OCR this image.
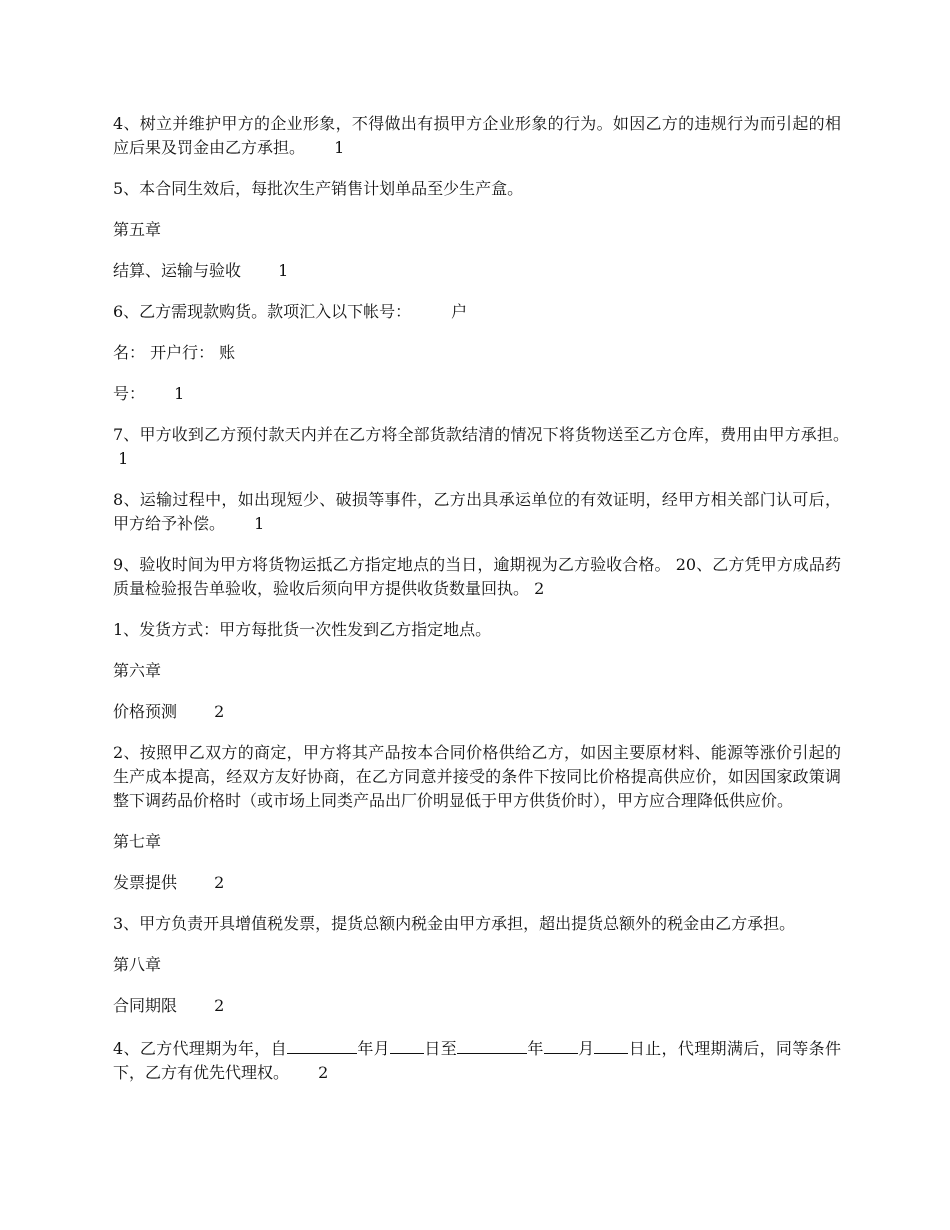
4、树立并维护甲方的企业形象，不得做出有损甲方企业形象的行为。如因乙方的违规行为而引起的相应后果及罚金由乙方承担。　　 1

5、本合同生效后，每批次生产销售计划单品至少生产盒。

第五章

结算、运输与验收　　 1

6、乙方需现款购货。款项汇入以下帐号：　　　户

名： 开户行： 账

号：　　 1

7、甲方收到乙方预付款天内并在乙方将全部货款结清的情况下将货物送至乙方仓库，费用由甲方承担。　　 1

8、运输过程中，如出现短少、破损等事件，乙方出具承运单位的有效证明，经甲方相关部门认可后，甲方给予补偿。　　 1

9、验收时间为甲方将货物运抵乙方指定地点的当日，逾期视为乙方验收合格。 20、乙方凭甲方成品药质量检验报告单验收，验收后须向甲方提供收货数量回执。 2

1、发货方式：甲方每批货一次性发到乙方指定地点。

第六章

价格预测　　 2

2、按照甲乙双方的商定，甲方将其产品按本合同价格供给乙方，如因主要原材料、能源等涨价引起的生产成本提高，经双方友好协商，在乙方同意并接受的条件下按同比价格提高供应价，如因国家政策调整下调药品价格时（或市场上同类产品出厂价明显低于甲方供货价时），甲方应合理降低供应价。

第七章

发票提供　　 2

3、甲方负责开具增值税发票，提货总额内税金由甲方承担，超出提货总额外的税金由乙方承担。

第八章

合同期限　　 2

4、乙方代理期为年，自	年月 日至	年 月 日止，代理期满后，同等条件下，乙方有优先代理权。　　 2
